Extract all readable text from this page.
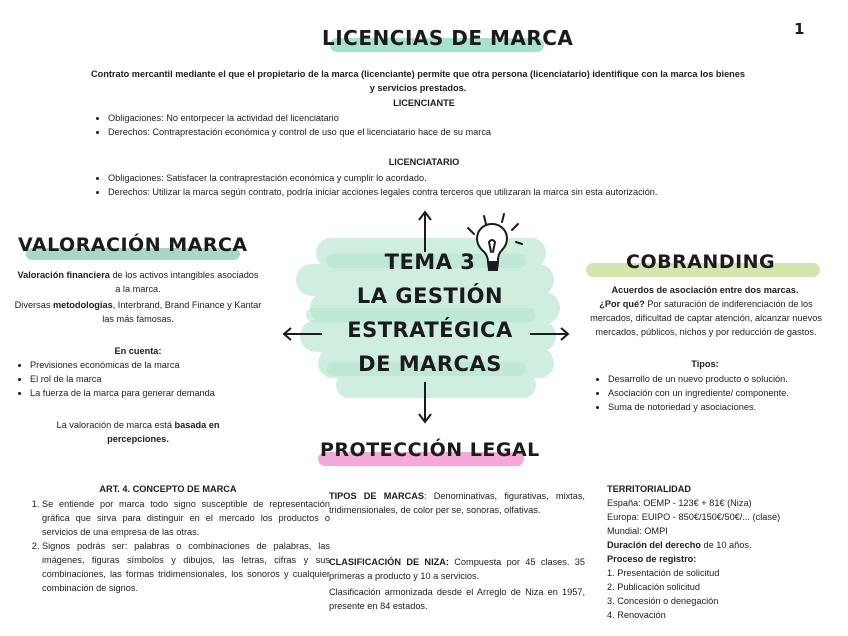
1
LICENCIAS DE MARCA
Contrato mercantil mediante el que el propietario de la marca (licenciante) permite que otra persona (licenciatario) identifique con la marca los bienes y servicios prestados.
LICENCIANTE
• Obligaciones: No entorpecer la actividad del licenciatario
• Derechos: Contraprestación económica y control de uso que el licenciatario hace de su marca
LICENCIATARIO
• Obligaciones: Satisfacer la contraprestación económica y cumplir lo acordado.
• Derechos: Utilizar la marca según contrato, podría iniciar acciones legales contra terceros que utilizaran la marca sin esta autorización.
TEMA 3
LA GESTIÓN
ESTRATÉGICA
DE MARCAS
VALORACIÓN MARCA
Valoración financiera de los activos intangibles asociados a la marca.
Diversas metodologías, Interbrand, Brand Finance y Kantar las más famosas.
En cuenta:
• Previsiones económicas de la marca
• El rol de la marca
• La fuerza de la marca para generar demanda
La valoración de marca está basada en percepciones.
COBRANDING
Acuerdos de asociación entre dos marcas.
¿Por qué? Por saturación de indiferenciación de los mercados, dificultad de captar atención, alcanzar nuevos mercados, públicos, nichos y por reducción de gastos.
Tipos:
• Desarrollo de un nuevo producto o solución.
• Asociación con un ingrediente/ componente.
• Suma de notoriedad y asociaciones.
PROTECCIÓN LEGAL
ART. 4. CONCEPTO DE MARCA
1. Se entiende por marca todo signo susceptible de representación gráfica que sirva para distinguir en el mercado los productos o servicios de una empresa de las otras.
2. Signos podrás ser: palabras o combinaciones de palabras, las imágenes, figuras símbolos y dibujos, las letras, cifras y sus combinaciones, las formas tridimensionales, los sonoros y cualquier combinación de signos.
TIPOS DE MARCAS: Denominativas, figurativas, mixtas, tridimensionales, de color per se, sonoras, olfativas.
CLASIFICACIÓN DE NIZA: Compuesta por 45 clases. 35 primeras a producto y 10 a servicios.
Clasificación armonizada desde el Arreglo de Niza en 1957, presente en 84 estados.
TERRITORIALIDAD
España: OEMP - 123€ + 81€ (Niza)
Europa: EUIPO - 850€/150€/50€/... (clase)
Mundial: OMPI
Duración del derecho de 10 años.
Proceso de registro:
1. Presentación de solicitud
2. Publicación solicitud
3. Concesión o denegación
4. Renovación
